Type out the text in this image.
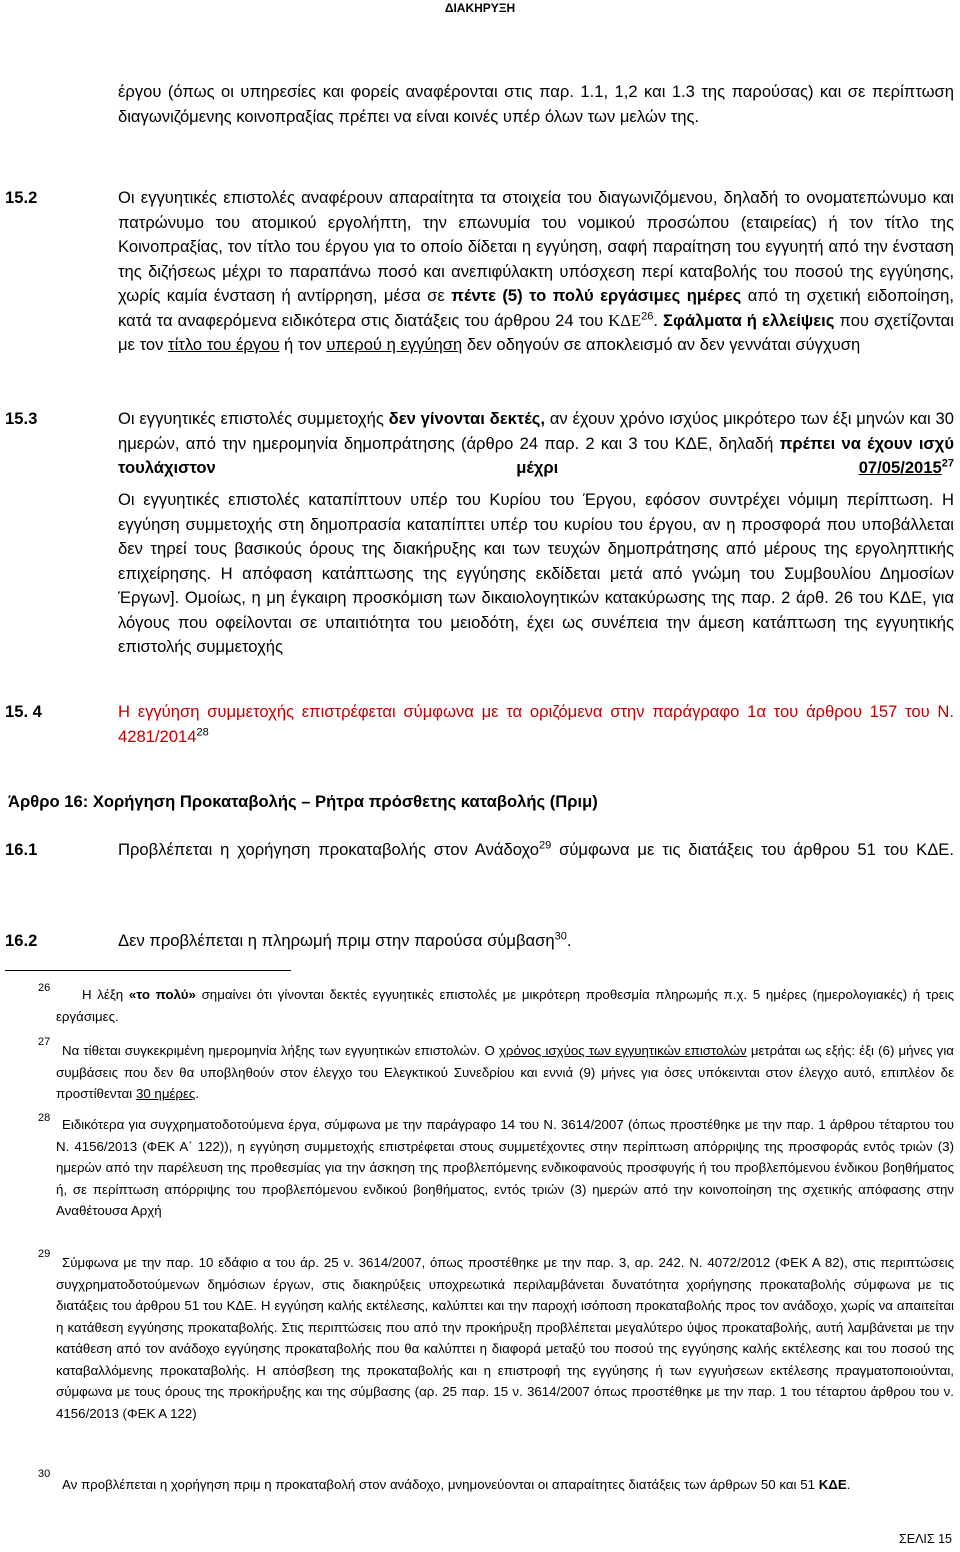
ΔΙΑΚΗΡΥΞΗ
έργου (όπως οι υπηρεσίες και φορείς αναφέρονται στις παρ. 1.1, 1,2 και 1.3 της παρούσας) και σε περίπτωση διαγωνιζόμενης κοινοπραξίας πρέπει να είναι κοινές υπέρ όλων των μελών της.
15.2	Οι εγγυητικές επιστολές αναφέρουν απαραίτητα τα στοιχεία του διαγωνιζόμενου, δηλαδή το ονοματεπώνυμο και πατρώνυμο του ατομικού εργολήπτη, την επωνυμία του νομικού προσώπου (εταιρείας) ή τον τίτλο της Κοινοπραξίας, τον τίτλο του έργου για το οποίο δίδεται η εγγύηση, σαφή παραίτηση του εγγυητή από την ένσταση της διζήσεως μέχρι το παραπάνω ποσό και ανεπιφύλακτη υπόσχεση περί καταβολής του ποσού της εγγύησης, χωρίς καμία ένσταση ή αντίρρηση, μέσα σε πέντε (5) το πολύ εργάσιμες ημέρες από τη σχετική ειδοποίηση, κατά τα αναφερόμενα ειδικότερα στις διατάξεις του άρθρου 24 του ΚΔΕ$^{26}$. Σφάλματα ή ελλείψεις που σχετίζονται με τον τίτλο του έργου ή τον υπερού η εγγύηση δεν οδηγούν σε αποκλεισμό αν δεν γεννάται σύγχυση
15.3	Οι εγγυητικές επιστολές συμμετοχής δεν γίνονται δεκτές, αν έχουν χρόνο ισχύος μικρότερο των έξι μηνών και 30 ημερών, από την ημερομηνία δημοπράτησης (άρθρο 24 παρ. 2 και 3 του ΚΔΕ, δηλαδή πρέπει να έχουν ισχύ τουλάχιστον μέχρι	07/05/2015$^{27}$
Οι εγγυητικές επιστολές καταπίπτουν υπέρ του Κυρίου του Έργου, εφόσον συντρέχει νόμιμη περίπτωση. Η εγγύηση συμμετοχής στη δημοπρασία καταπίπτει υπέρ του κυρίου του έργου, αν η προσφορά που υποβάλλεται δεν τηρεί τους βασικούς όρους της διακήρυξης και των τευχών δημοπράτησης από μέρους της εργοληπτικής επιχείρησης. Η απόφαση κατάπτωσης της εγγύησης εκδίδεται μετά από γνώμη του Συμβουλίου Δημοσίων Έργων]. Ομοίως, η μη έγκαιρη προσκόμιση των δικαιολογητικών κατακύρωσης της παρ. 2 άρθ. 26 του ΚΔΕ, για λόγους που οφείλονται σε υπαιτιότητα του μειοδότη, έχει ως συνέπεια την άμεση κατάπτωση της εγγυητικής επιστολής συμμετοχής
15. 4	Η εγγύηση συμμετοχής επιστρέφεται σύμφωνα με τα οριζόμενα στην παράγραφο 1α του άρθρου 157 του Ν. 4281/2014$^{28}$
Άρθρο 16: Χορήγηση Προκαταβολής – Ρήτρα πρόσθετης καταβολής (Πριμ)
16.1	Προβλέπεται η χορήγηση προκαταβολής στον Ανάδοχο$^{29}$ σύμφωνα με τις διατάξεις του άρθρου 51 του ΚΔΕ.
16.2	Δεν προβλέπεται η πληρωμή πριμ στην παρούσα σύμβαση$^{30}$.
26	Η λέξη «το πολύ» σημαίνει ότι γίνονται δεκτές εγγυητικές επιστολές με μικρότερη προθεσμία πληρωμής π.χ. 5 ημέρες (ημερολογιακές) ή τρεις εργάσιμες.
27
Να τίθεται συγκεκριμένη ημερομηνία λήξης των εγγυητικών επιστολών. Ο χρόνος ισχύος των εγγυητικών επιστολών μετράται ως εξής: έξι (6) μήνες για συμβάσεις που δεν θα υποβληθούν στον έλεγχο του Ελεγκτικού Συνεδρίου και εννιά (9) μήνες για όσες υπόκεινται στον έλεγχο αυτό, επιπλέον δε προστίθενται 30 ημέρες.
28 Ειδικότερα για συγχρηματοδοτούμενα έργα, σύμφωνα με την παράγραφο 14 του Ν. 3614/2007 (όπως προστέθηκε με την παρ. 1 άρθρου τέταρτου του Ν. 4156/2013 (ΦΕΚ Α΄ 122)), η εγγύηση συμμετοχής επιστρέφεται στους συμμετέχοντες στην περίπτωση απόρριψης της προσφοράς εντός τριών (3) ημερών από την παρέλευση της προθεσμίας για την άσκηση της προβλεπόμενης ενδικοφανούς προσφυγής ή του προβλεπόμενου ένδικου βοηθήματος ή, σε περίπτωση απόρριψης του προβλεπόμενου ενδικού βοηθήματος, εντός τριών (3) ημερών από την κοινοποίηση της σχετικής απόφασης στην Αναθέτουσα Αρχή
29
Σύμφωνα με την παρ. 10 εδάφιο α του άρ. 25 ν. 3614/2007, όπως προστέθηκε με την παρ. 3, αρ. 242. Ν. 4072/2012 (ΦΕΚ Α 82), στις περιπτώσεις συγχρηματοδοτούμενων δημόσιων έργων, στις διακηρύξεις υποχρεωτικά περιλαμβάνεται δυνατότητα χορήγησης προκαταβολής σύμφωνα με τις διατάξεις του άρθρου 51 του ΚΔΕ. Η εγγύηση καλής εκτέλεσης, καλύπτει και την παροχή ισόποση προκαταβολής προς τον ανάδοχο, χωρίς να απαιτείται η κατάθεση εγγύησης προκαταβολής. Στις περιπτώσεις που από την προκήρυξη προβλέπεται μεγαλύτερο ύψος προκαταβολής, αυτή λαμβάνεται με την κατάθεση από τον ανάδοχο εγγύησης προκαταβολής που θα καλύπτει η διαφορά μεταξύ του ποσού της εγγύησης καλής εκτέλεσης και του ποσού της καταβαλλόμενης προκαταβολής. Η απόσβεση της προκαταβολής και η επιστροφή της εγγύησης ή των εγγυήσεων εκτέλεσης πραγματοποιούνται, σύμφωνα με τους όρους της προκήρυξης και της σύμβασης (αρ. 25 παρ. 15 ν. 3614/2007 όπως προστέθηκε με την παρ. 1 του τέταρτου άρθρου του ν. 4156/2013 (ΦΕΚ Α 122)
30
Αν προβλέπεται η χορήγηση πριμ η προκαταβολή στον ανάδοχο, μνημονεύονται οι απαραίτητες διατάξεις των άρθρων 50 και 51 ΚΔΕ.
ΣΕΛΙΣ 15
